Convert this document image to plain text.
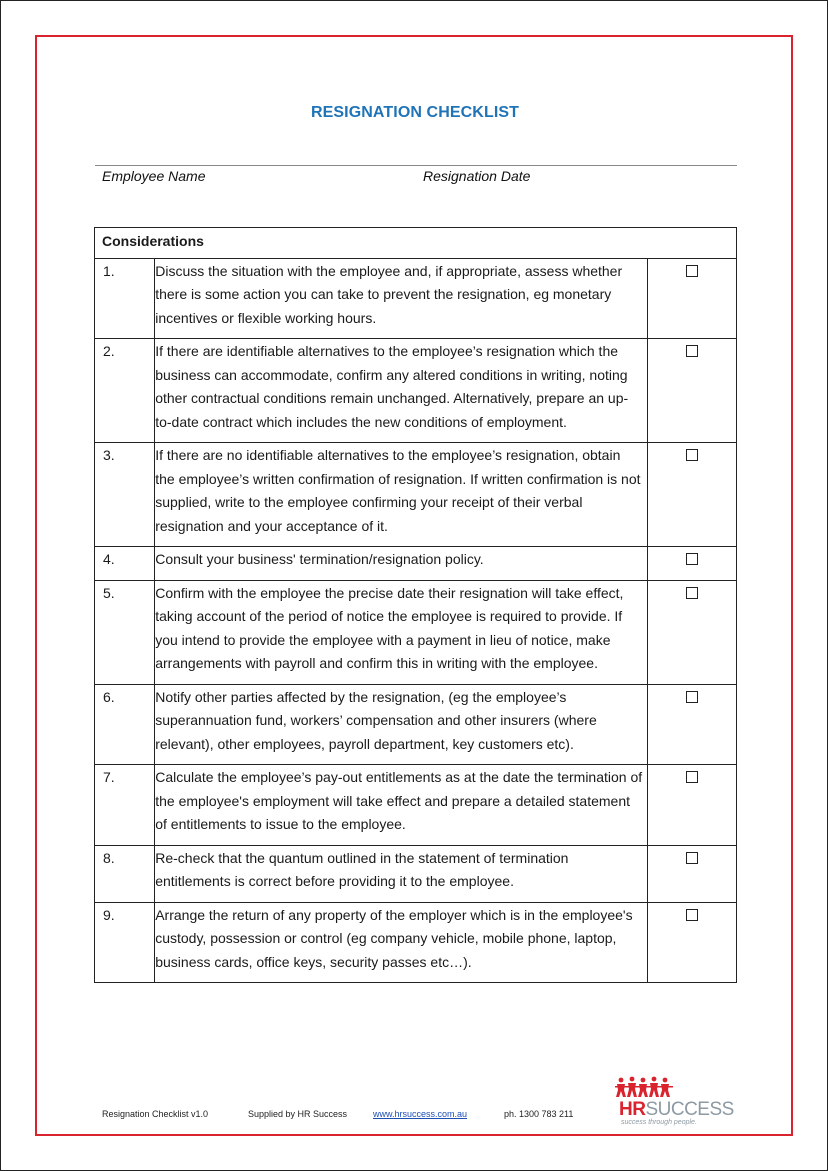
RESIGNATION CHECKLIST
Employee Name	Resignation Date
Considerations		
1.	Discuss the situation with the employee and, if appropriate, assess whether there is some action you can take to prevent the resignation, eg monetary incentives or flexible working hours.	
2.	If there are identifiable alternatives to the employee’s resignation which the business can accommodate, confirm any altered conditions in writing, noting other contractual conditions remain unchanged. Alternatively, prepare an up-to-date contract which includes the new conditions of employment.	
3.	If there are no identifiable alternatives to the employee’s resignation, obtain the employee’s written confirmation of resignation. If written confirmation is not supplied, write to the employee confirming your receipt of their verbal resignation and your acceptance of it.	
4.	Consult your business' termination/resignation policy.	
5.	Confirm with the employee the precise date their resignation will take effect, taking account of the period of notice the employee is required to provide. If you intend to provide the employee with a payment in lieu of notice, make arrangements with payroll and confirm this in writing with the employee.	
6.	Notify other parties affected by the resignation, (eg the employee’s superannuation fund, workers’ compensation and other insurers (where relevant), other employees, payroll department, key customers etc).	
7.	Calculate the employee’s pay-out entitlements as at the date the termination of the employee's employment will take effect and prepare a detailed statement of entitlements to issue to the employee.	
8.	Re-check that the quantum outlined in the statement of termination entitlements is correct before providing it to the employee.	
9.	Arrange the return of any property of the employer which is in the employee's custody, possession or control (eg company vehicle, mobile phone, laptop, business cards, office keys, security passes etc…).	
Resignation Checklist v1.0	Supplied by HR Success	www.hrsuccess.com.au	ph. 1300 783 211 HRSUCCESS
success through people.
